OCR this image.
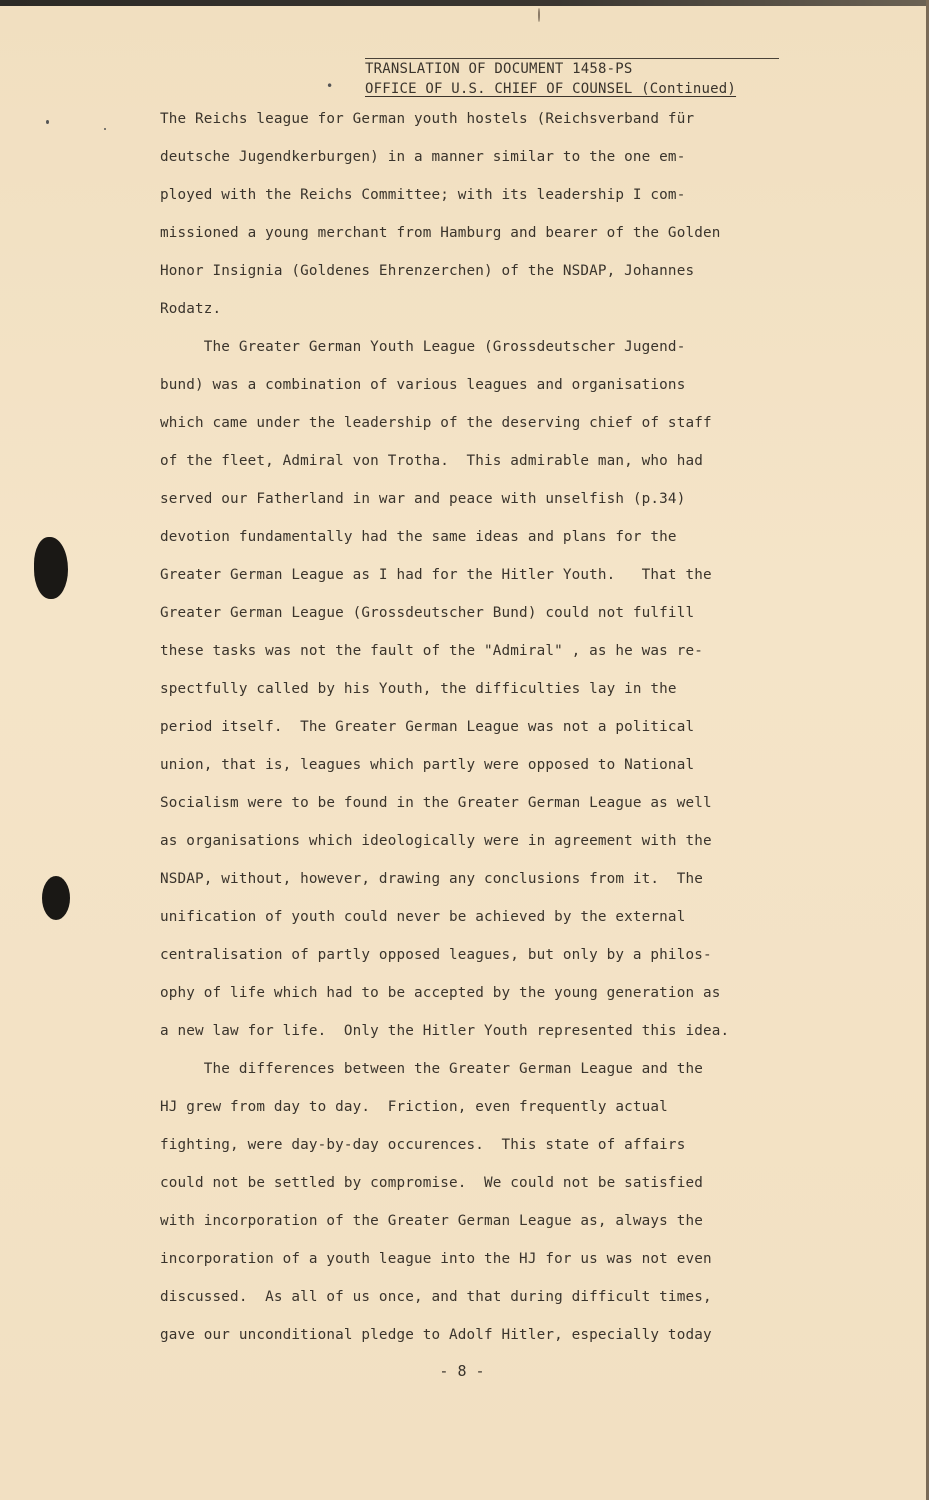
•
TRANSLATION OF DOCUMENT 1458-PS
OFFICE OF U.S. CHIEF OF COUNSEL (Continued)
The Reichs league for German youth hostels (Reichsverband für
deutsche Jugendkerburgen) in a manner similar to the one em-
ployed with the Reichs Committee; with its leadership I com-
missioned a young merchant from Hamburg and bearer of the Golden
Honor Insignia (Goldenes Ehrenzerchen) of the NSDAP, Johannes
Rodatz.
The Greater German Youth League (Grossdeutscher Jugend-
bund) was a combination of various leagues and organisations
which came under the leadership of the deserving chief of staff
of the fleet, Admiral von Trotha.  This admirable man, who had
served our Fatherland in war and peace with unselfish (p.34)
devotion fundamentally had the same ideas and plans for the
Greater German League as I had for the Hitler Youth.   That the
Greater German League (Grossdeutscher Bund) could not fulfill
these tasks was not the fault of the "Admiral" , as he was re-
spectfully called by his Youth, the difficulties lay in the
period itself.  The Greater German League was not a political
union, that is, leagues which partly were opposed to National
Socialism were to be found in the Greater German League as well
as organisations which ideologically were in agreement with the
NSDAP, without, however, drawing any conclusions from it.  The
unification of youth could never be achieved by the external
centralisation of partly opposed leagues, but only by a philos-
ophy of life which had to be accepted by the young generation as
a new law for life.  Only the Hitler Youth represented this idea.
The differences between the Greater German League and the
HJ grew from day to day.  Friction, even frequently actual
fighting, were day-by-day occurences.  This state of affairs
could not be settled by compromise.  We could not be satisfied
with incorporation of the Greater German League as, always the
incorporation of a youth league into the HJ for us was not even
discussed.  As all of us once, and that during difficult times,
gave our unconditional pledge to Adolf Hitler, especially today
- 8 -
